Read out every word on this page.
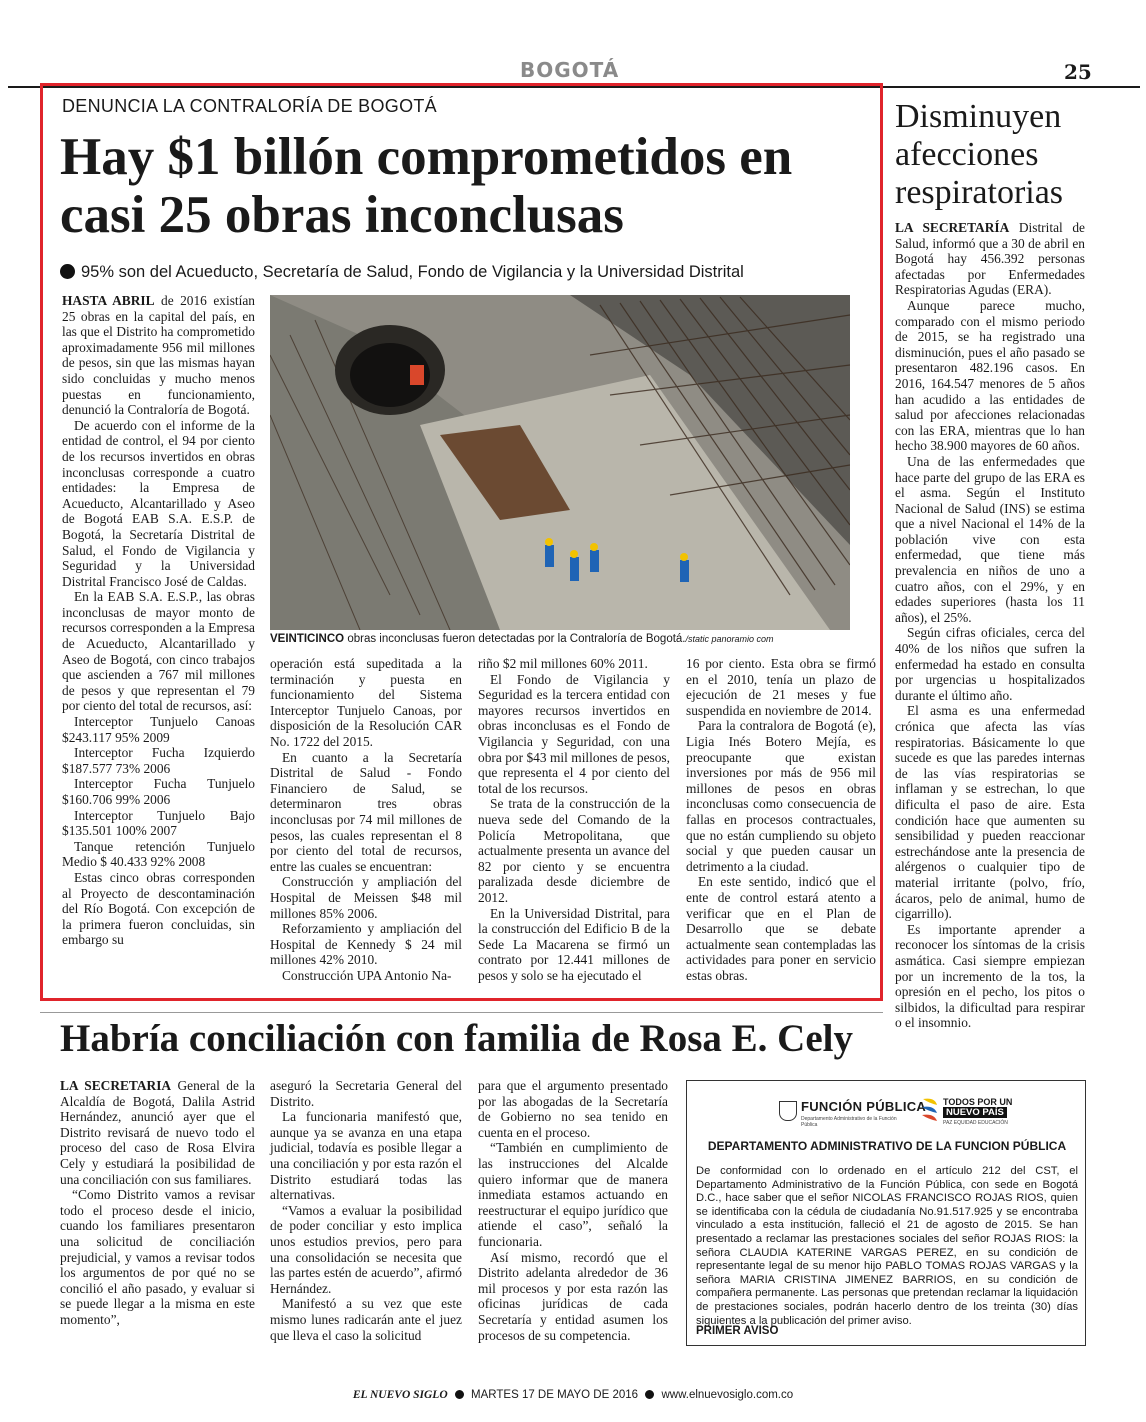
BOGOTÁ	25
DENUNCIA LA CONTRALORÍA DE BOGOTÁ
Hay $1 billón comprometidos en casi 25 obras inconclusas
95% son del Acueducto, Secretaría de Salud, Fondo de Vigilancia y la Universidad Distrital

HASTA ABRIL de 2016 existían 25 obras en la capital del país, en las que el Distrito ha comprometido aproximadamente 956 mil millones de pesos, sin que las mismas hayan sido concluidas y mucho menos puestas en funcionamiento, denunció la Contraloría de Bogotá.

De acuerdo con el informe de la entidad de control, el 94 por ciento de los recursos invertidos en obras inconclusas corresponde a cuatro entidades: la Empresa de Acueducto, Alcantarillado y Aseo de Bogotá EAB S.A. E.S.P. de Bogotá, la Secretaría Distrital de Salud, el Fondo de Vigilancia y Seguridad y la Universidad Distrital Francisco José de Caldas.

En la EAB S.A. E.S.P., las obras inconclusas de mayor monto de recursos corresponden a la Empresa de Acueducto, Alcantarillado y Aseo de Bogotá, con cinco trabajos que ascienden a 767 mil millones de pesos y que representan el 79 por ciento del total de recursos, así:

Interceptor Tunjuelo Canoas $243.117 95% 2009

Interceptor Fucha Izquierdo $187.577 73% 2006

Interceptor Fucha Tunjuelo $160.706 99% 2006

Interceptor Tunjuelo Bajo $135.501 100% 2007

Tanque retención Tunjuelo Medio $ 40.433 92% 2008

Estas cinco obras corresponden al Proyecto de descontaminación del Río Bogotá. Con excepción de la primera fueron concluidas, sin embargo su

VEINTICINCO obras inconclusas fueron detectadas por la Contraloría de Bogotá./static panoramio com

operación está supeditada a la terminación y puesta en funcionamiento del Sistema Interceptor Tunjuelo Canoas, por disposición de la Resolución CAR No. 1722 del 2015.

En cuanto a la Secretaría Distrital de Salud - Fondo Financiero de Salud, se determinaron tres obras inconclusas por 74 mil millones de pesos, las cuales representan el 8 por ciento del total de recursos, entre las cuales se encuentran:

Construcción y ampliación del Hospital de Meissen $48 mil millones 85% 2006.

Reforzamiento y ampliación del Hospital de Kennedy $ 24 mil millones 42% 2010.

Construcción UPA Antonio Na-

riño $2 mil millones 60% 2011.

El Fondo de Vigilancia y Seguridad es la tercera entidad con mayores recursos invertidos en obras inconclusas es el Fondo de Vigilancia y Seguridad, con una obra por $43 mil millones de pesos, que representa el 4 por ciento del total de los recursos.

Se trata de la construcción de la nueva sede del Comando de la Policía Metropolitana, que actualmente presenta un avance del 82 por ciento y se encuentra paralizada desde diciembre de 2012.

En la Universidad Distrital, para la construcción del Edificio B de la Sede La Macarena se firmó un contrato por 12.441 millones de pesos y solo se ha ejecutado el

16 por ciento. Esta obra se firmó en el 2010, tenía un plazo de ejecución de 21 meses y fue suspendida en noviembre de 2014.

Para la contralora de Bogotá (e), Ligia Inés Botero Mejía, es preocupante que existan inversiones por más de 956 mil millones de pesos en obras inconclusas como consecuencia de fallas en procesos contractuales, que no están cumpliendo su objeto social y que pueden causar un detrimento a la ciudad.

En este sentido, indicó que el ente de control estará atento a verificar que en el Plan de Desarrollo que se debate actualmente sean contempladas las actividades para poner en servicio estas obras.

Disminuyen afecciones respiratorias

LA SECRETARÍA Distrital de Salud, informó que a 30 de abril en Bogotá hay 456.392 personas afectadas por Enfermedades Respiratorias Agudas (ERA).

Aunque parece mucho, comparado con el mismo periodo de 2015, se ha registrado una disminución, pues el año pasado se presentaron 482.196 casos. En 2016, 164.547 menores de 5 años han acudido a las entidades de salud por afecciones relacionadas con las ERA, mientras que lo han hecho 38.900 mayores de 60 años.

Una de las enfermedades que hace parte del grupo de las ERA es el asma. Según el Instituto Nacional de Salud (INS) se estima que a nivel Nacional el 14% de la población vive con esta enfermedad, que tiene más prevalencia en niños de uno a cuatro años, con el 29%, y en edades superiores (hasta los 11 años), el 25%.

Según cifras oficiales, cerca del 40% de los niños que sufren la enfermedad ha estado en consulta por urgencias u hospitalizados durante el último año.

El asma es una enfermedad crónica que afecta las vías respiratorias. Básicamente lo que sucede es que las paredes internas de las vías respiratorias se inflaman y se estrechan, lo que dificulta el paso de aire. Esta condición hace que aumenten su sensibilidad y pueden reaccionar estrechándose ante la presencia de alérgenos o cualquier tipo de material irritante (polvo, frío, ácaros, pelo de animal, humo de cigarrillo).

Es importante aprender a reconocer los síntomas de la crisis asmática. Casi siempre empiezan por un incremento de la tos, la opresión en el pecho, los pitos o silbidos, la dificultad para respirar o el insomnio.

Habría conciliación con familia de Rosa E. Cely

LA SECRETARIA General de la Alcaldía de Bogotá, Dalila Astrid Hernández, anunció ayer que el Distrito revisará de nuevo todo el proceso del caso de Rosa Elvira Cely y estudiará la posibilidad de una conciliación con sus familiares.

“Como Distrito vamos a revisar todo el proceso desde el inicio, cuando los familiares presentaron una solicitud de conciliación prejudicial, y vamos a revisar todos los argumentos de por qué no se concilió el año pasado, y evaluar si se puede llegar a la misma en este momento”,

aseguró la Secretaria General del Distrito.

La funcionaria manifestó que, aunque ya se avanza en una etapa judicial, todavía es posible llegar a una conciliación y por esta razón el Distrito estudiará todas las alternativas.

“Vamos a evaluar la posibilidad de poder conciliar y esto implica unos estudios previos, pero para una consolidación se necesita que las partes estén de acuerdo”, afirmó Hernández.

Manifestó a su vez que este mismo lunes radicarán ante el juez que lleva el caso la solicitud

para que el argumento presentado por las abogadas de la Secretaría de Gobierno no sea tenido en cuenta en el proceso.

“También en cumplimiento de las instrucciones del Alcalde quiero informar que de manera inmediata estamos actuando en reestructurar el equipo jurídico que atiende el caso”, señaló la funcionaria.

Así mismo, recordó que el Distrito adelanta alrededor de 36 mil procesos y por esta razón las oficinas jurídicas de cada Secretaría y entidad asumen los procesos de su competencia.

FUNCIÓN PÚBLICA
Departamento Administrativo de la Función Pública
TODOS POR UN
NUEVO PAÍS
PAZ EQUIDAD EDUCACIÓN
DEPARTAMENTO ADMINISTRATIVO DE LA FUNCION PÚBLICA
De conformidad con lo ordenado en el artículo 212 del CST, el Departamento Administrativo de la Función Pública, con sede en Bogotá D.C., hace saber que el señor NICOLAS FRANCISCO ROJAS RIOS, quien se identificaba con la cédula de ciudadanía No.91.517.925 y se encontraba vinculado a esta institución, falleció el 21 de agosto de 2015. Se han presentado a reclamar las prestaciones sociales del señor ROJAS RIOS: la señora CLAUDIA KATERINE VARGAS PEREZ, en su condición de representante legal de su menor hijo PABLO TOMAS ROJAS VARGAS y la señora MARIA CRISTINA JIMENEZ BARRIOS, en su condición de compañera permanente. Las personas que pretendan reclamar la liquidación de prestaciones sociales, podrán hacerlo dentro de los treinta (30) días siguientes a la publicación del primer aviso.
PRIMER AVISO
EL NUEVO SIGLO MARTES 17 DE MAYO DE 2016 www.elnuevosiglo.com.co
